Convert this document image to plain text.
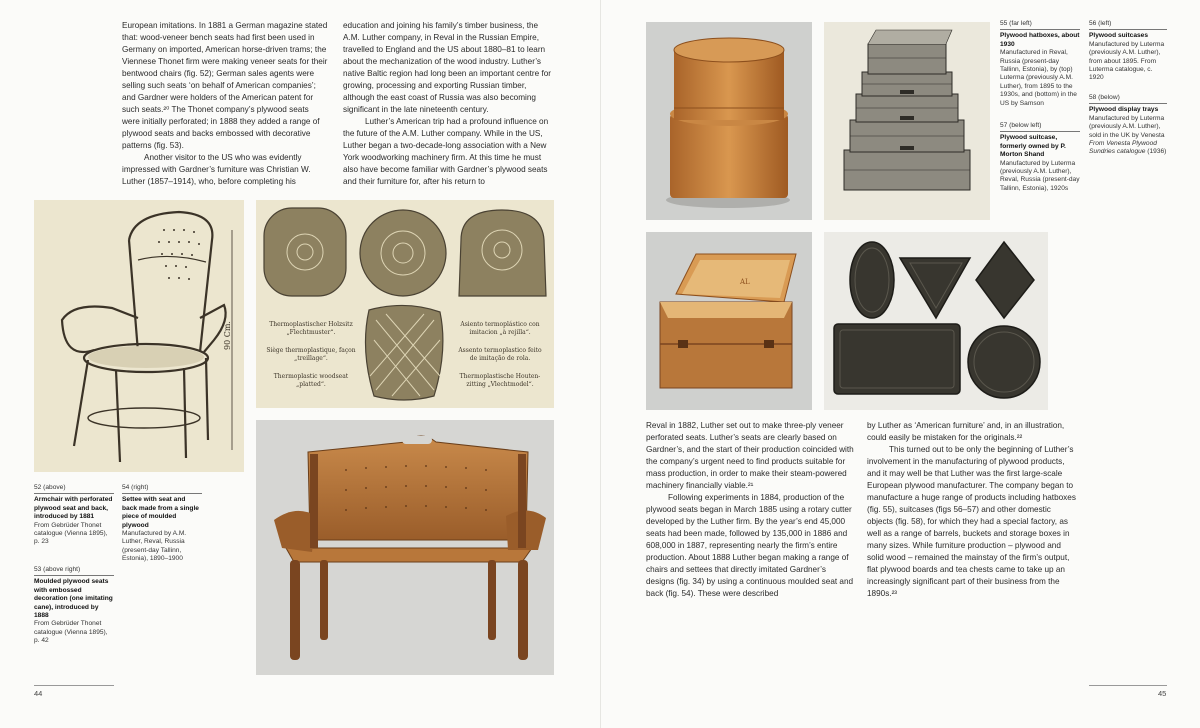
European imitations. In 1881 a German magazine stated that: wood-veneer bench seats had first been used in Germany on imported, American horse-driven trams; the Viennese Thonet firm were making veneer seats for their bentwood chairs (fig. 52); German sales agents were selling such seats ‘on behalf of American companies’; and Gardner were holders of the American patent for such seats.²⁰ The Thonet company’s plywood seats were initially perforated; in 1888 they added a range of plywood seats and backs embossed with decorative patterns (fig. 53).

Another visitor to the US who was evidently impressed with Gardner’s furniture was Christian W. Luther (1857–1914), who, before completing his

education and joining his family’s timber business, the A.M. Luther company, in Reval in the Russian Empire, travelled to England and the US about 1880–81 to learn about the mechanization of the wood industry. Luther’s native Baltic region had long been an important centre for growing, processing and exporting Russian timber, although the east coast of Russia was also becoming significant in the late nineteenth century.

Luther’s American trip had a profound influence on the future of the A.M. Luther company. While in the US, Luther began a two-decade-long association with a New York woodworking machinery firm. At this time he must also have become familiar with Gardner’s plywood seats and their furniture for, after his return to

90 Cm.	Thermoplastischer Holzsitz
„Flechtmuster“.
Siège thermoplastique, façon
„treillage“.
Thermoplastic woodseat
„platted“.
Asiento termoplástico con
imitacion „à rejilla“.
Assento termoplastico feito
de imitação de rola.
Thermoplastische Houten-
zitting „Vlechtmodel“.
52 (above)
Armchair with perforated plywood seat and back, introduced by 1881
From Gebrüder Thonet catalogue (Vienna 1895), p. 23
53 (above right)
Moulded plywood seats with embossed decoration (one imitating cane), introduced by 1888
From Gebrüder Thonet catalogue (Vienna 1895), p. 42
54 (right)
Settee with seat and back made from a single piece of moulded plywood
Manufactured by A.M. Luther, Reval, Russia (present-day Tallinn, Estonia), 1890–1900
44
55 (far left)
Plywood hatboxes, about 1930
Manufactured in Reval, Russia (present-day Tallinn, Estonia), by (top) Luterma (previously A.M. Luther), from 1895 to the 1930s, and (bottom) in the US by Samson
57 (below left)
Plywood suitcase, formerly owned by P. Morton Shand
Manufactured by Luterma (previously A.M. Luther), Reval, Russia (present-day Tallinn, Estonia), 1920s
56 (left)
Plywood suitcases
Manufactured by Luterma (previously A.M. Luther), from about 1895. From Luterma catalogue, c. 1920
58 (below)
Plywood display trays
Manufactured by Luterma (previously A.M. Luther), sold in the UK by Venesta From Venesta Plywood Sundries catalogue (1936)
AL

Reval in 1882, Luther set out to make three-ply veneer perforated seats. Luther’s seats are clearly based on Gardner’s, and the start of their production coincided with the company’s urgent need to find products suitable for mass production, in order to make their steam-powered machinery financially viable.²¹

Following experiments in 1884, production of the plywood seats began in March 1885 using a rotary cutter developed by the Luther firm. By the year’s end 45,000 seats had been made, followed by 135,000 in 1886 and 608,000 in 1887, representing nearly the firm’s entire production. About 1888 Luther began making a range of chairs and settees that directly imitated Gardner’s designs (fig. 34) by using a continuous moulded seat and back (fig. 54). These were described

by Luther as ‘American furniture’ and, in an illustration, could easily be mistaken for the originals.²²

This turned out to be only the beginning of Luther’s involvement in the manufacturing of plywood products, and it may well be that Luther was the first large-scale European plywood manufacturer. The company began to manufacture a huge range of products including hatboxes (fig. 55), suitcases (figs 56–57) and other domestic objects (fig. 58), for which they had a special factory, as well as a range of barrels, buckets and storage boxes in many sizes. While furniture production – plywood and solid wood – remained the mainstay of the firm’s output, flat plywood boards and tea chests came to take up an increasingly significant part of their business from the 1890s.²³

45
